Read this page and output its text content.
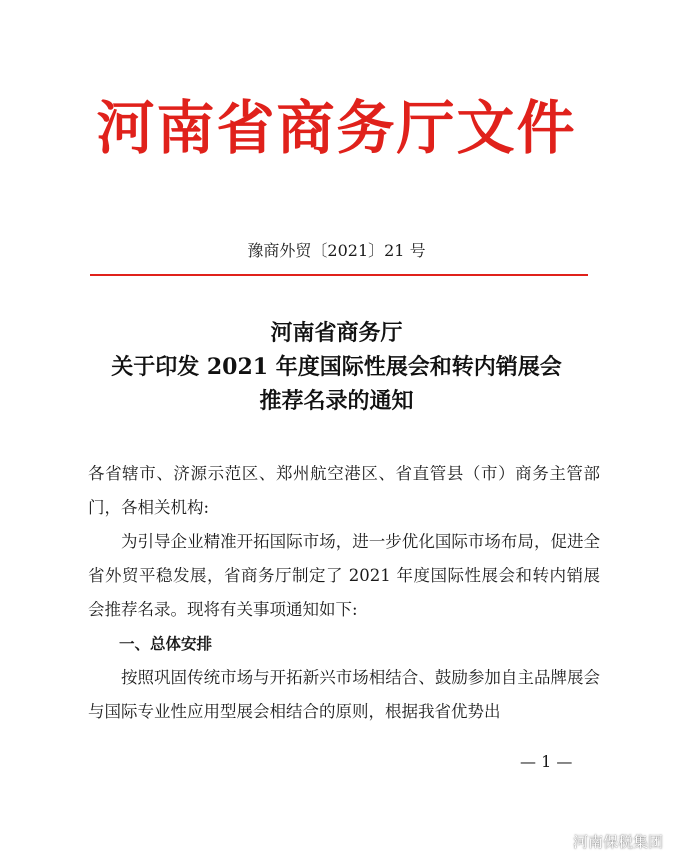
河南省商务厅文件
豫商外贸〔2021〕21 号
河南省商务厅
关于印发 2021 年度国际性展会和转内销展会
推荐名录的通知

各省辖市、济源示范区、郑州航空港区、省直管县（市）商务主管部门，各相关机构:

为引导企业精准开拓国际市场，进一步优化国际市场布局，促进全省外贸平稳发展，省商务厅制定了 2021 年度国际性展会和转内销展会推荐名录。现将有关事项通知如下:

一、总体安排

按照巩固传统市场与开拓新兴市场相结合、鼓励参加自主品牌展会与国际专业性应用型展会相结合的原则，根据我省优势出

— 1 —
河南保税集团
